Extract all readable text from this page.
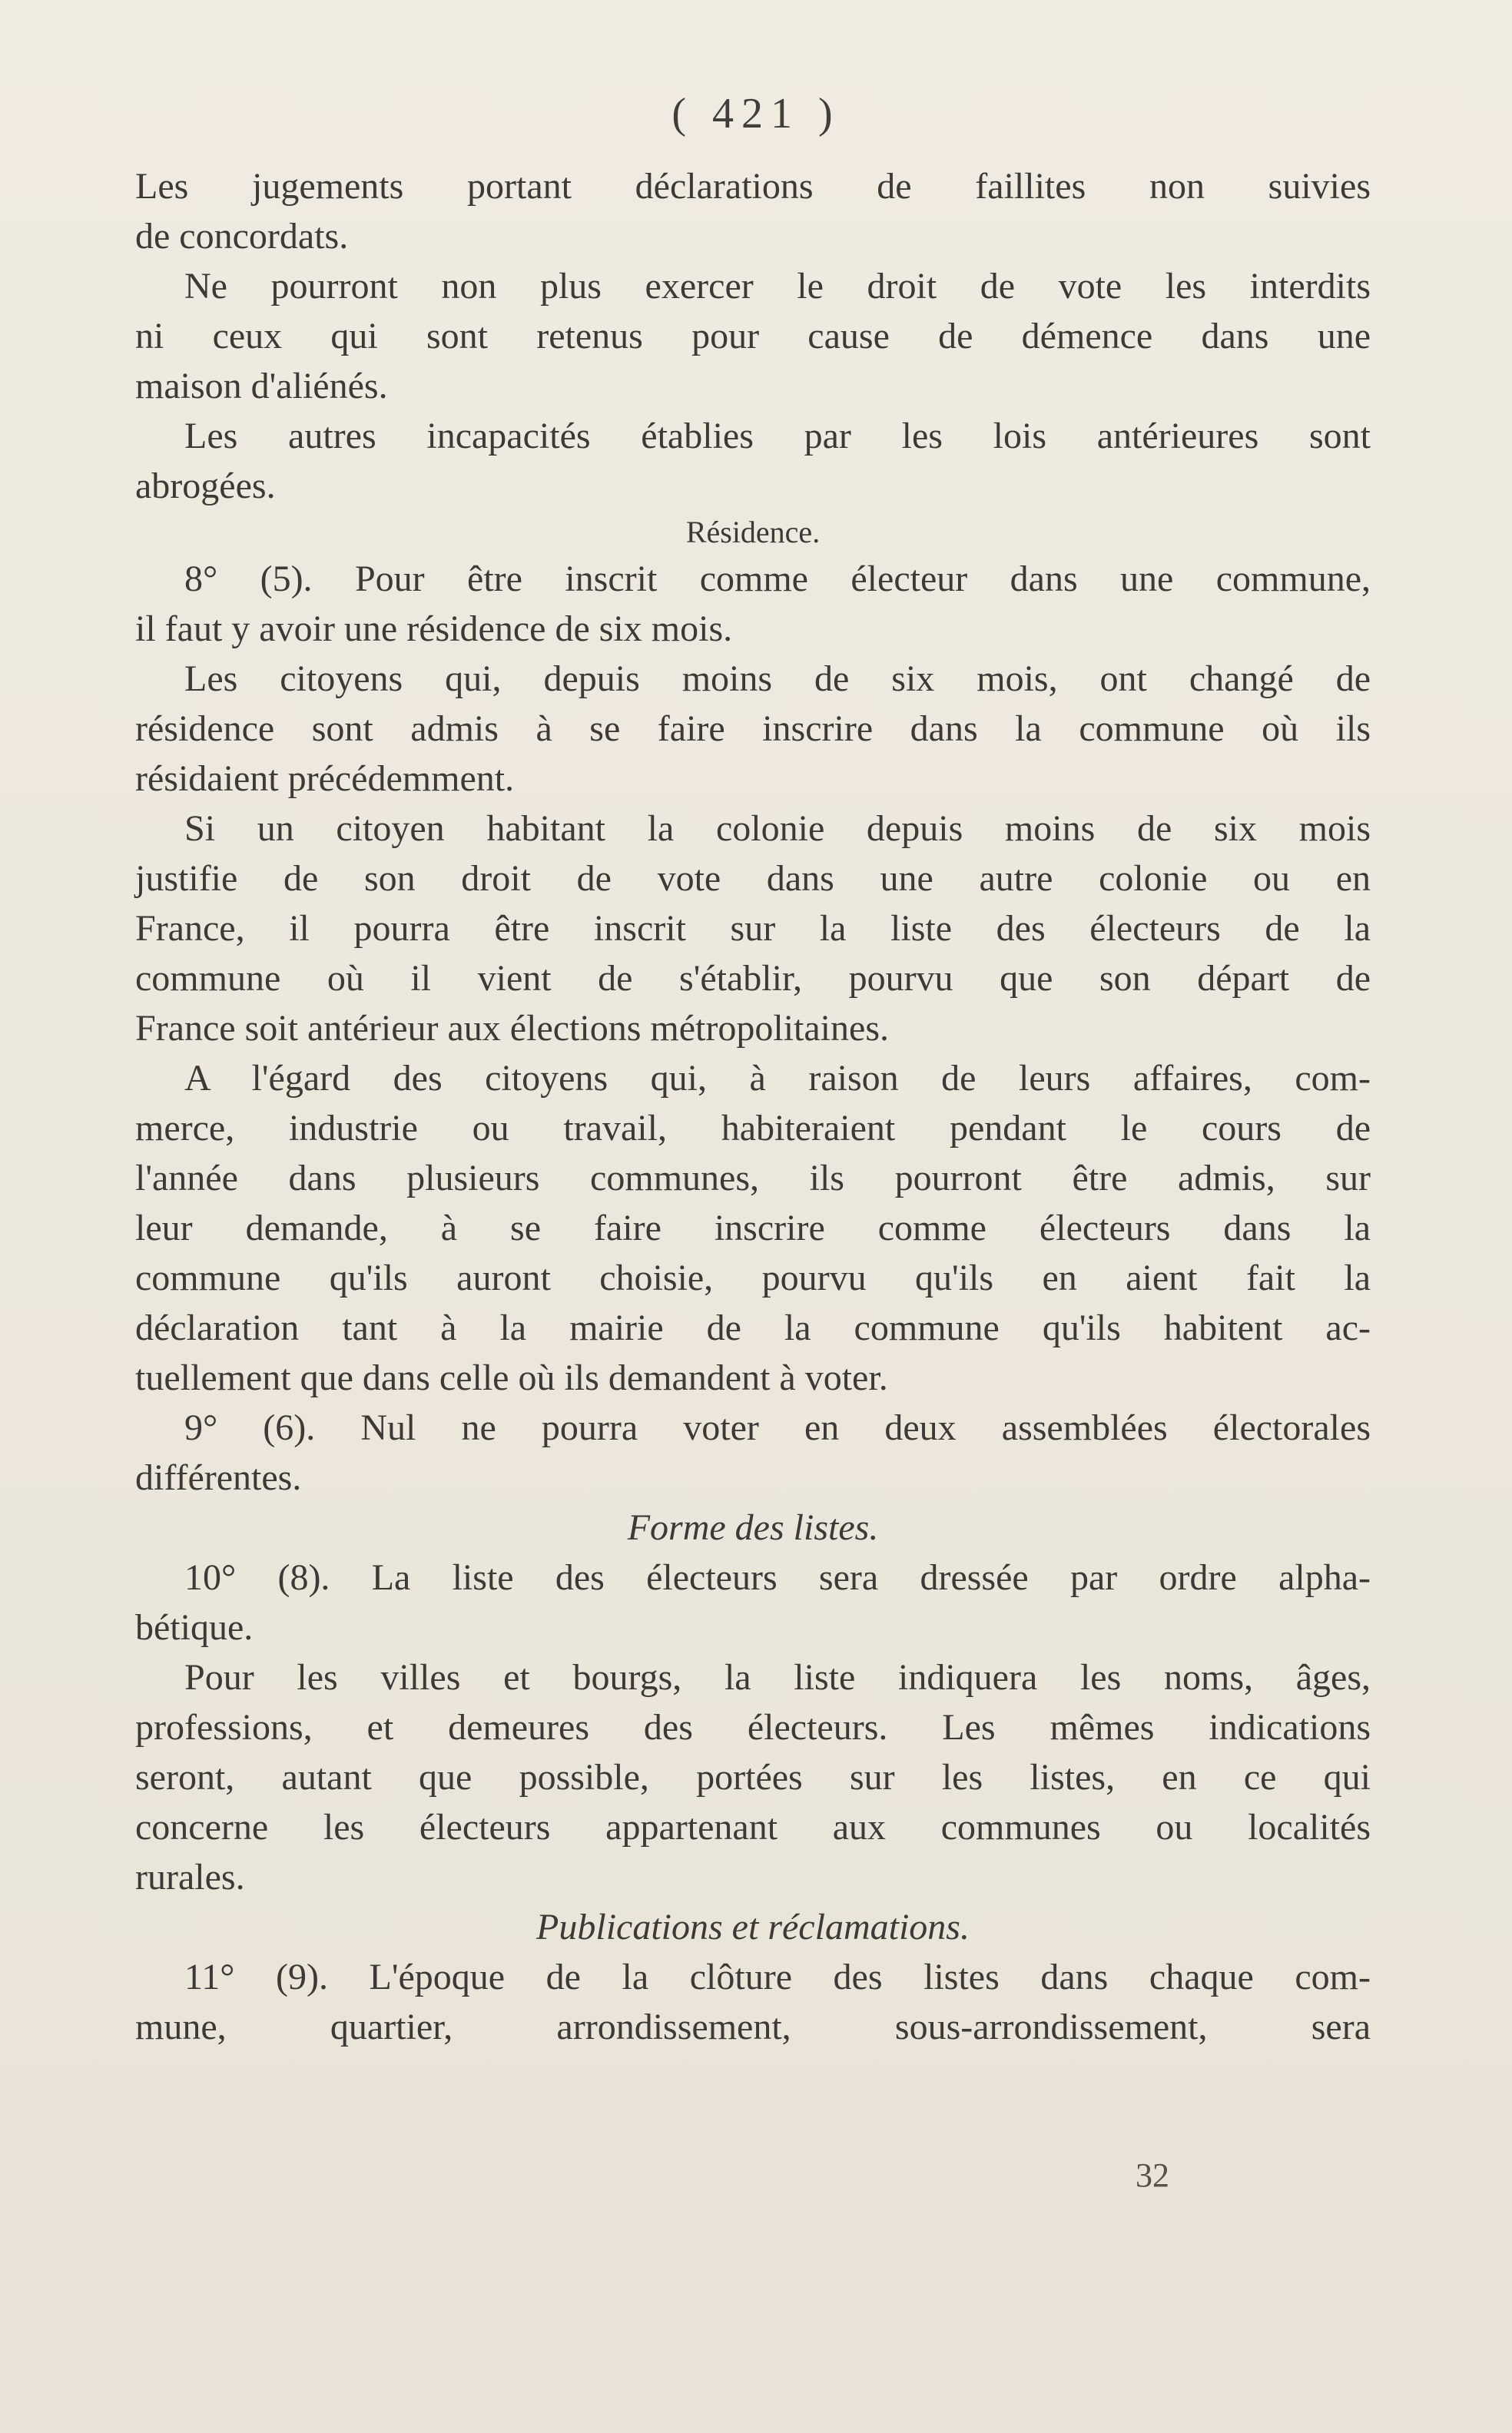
( 421 )
Les jugements portant déclarations de faillites non suivies
de concordats.
Ne pourront non plus exercer le droit de vote les interdits
ni ceux qui sont retenus pour cause de démence dans une
maison d'aliénés.
Les autres incapacités établies par les lois antérieures sont
abrogées.
Résidence.
8° (5). Pour être inscrit comme électeur dans une commune,
il faut y avoir une résidence de six mois.
Les citoyens qui, depuis moins de six mois, ont changé de
résidence sont admis à se faire inscrire dans la commune où ils
résidaient précédemment.
Si un citoyen habitant la colonie depuis moins de six mois
justifie de son droit de vote dans une autre colonie ou en
France, il pourra être inscrit sur la liste des électeurs de la
commune où il vient de s'établir, pourvu que son départ de
France soit antérieur aux élections métropolitaines.
A l'égard des citoyens qui, à raison de leurs affaires, com-
merce, industrie ou travail, habiteraient pendant le cours de
l'année dans plusieurs communes, ils pourront être admis, sur
leur demande, à se faire inscrire comme électeurs dans la
commune qu'ils auront choisie, pourvu qu'ils en aient fait la
déclaration tant à la mairie de la commune qu'ils habitent ac-
tuellement que dans celle où ils demandent à voter.
9° (6). Nul ne pourra voter en deux assemblées électorales
différentes.
Forme des listes.
10° (8). La liste des électeurs sera dressée par ordre alpha-
bétique.
Pour les villes et bourgs, la liste indiquera les noms, âges,
professions, et demeures des électeurs. Les mêmes indications
seront, autant que possible, portées sur les listes, en ce qui
concerne les électeurs appartenant aux communes ou localités
rurales.
Publications et réclamations.
11° (9). L'époque de la clôture des listes dans chaque com-
mune, quartier, arrondissement, sous-arrondissement, sera
32
